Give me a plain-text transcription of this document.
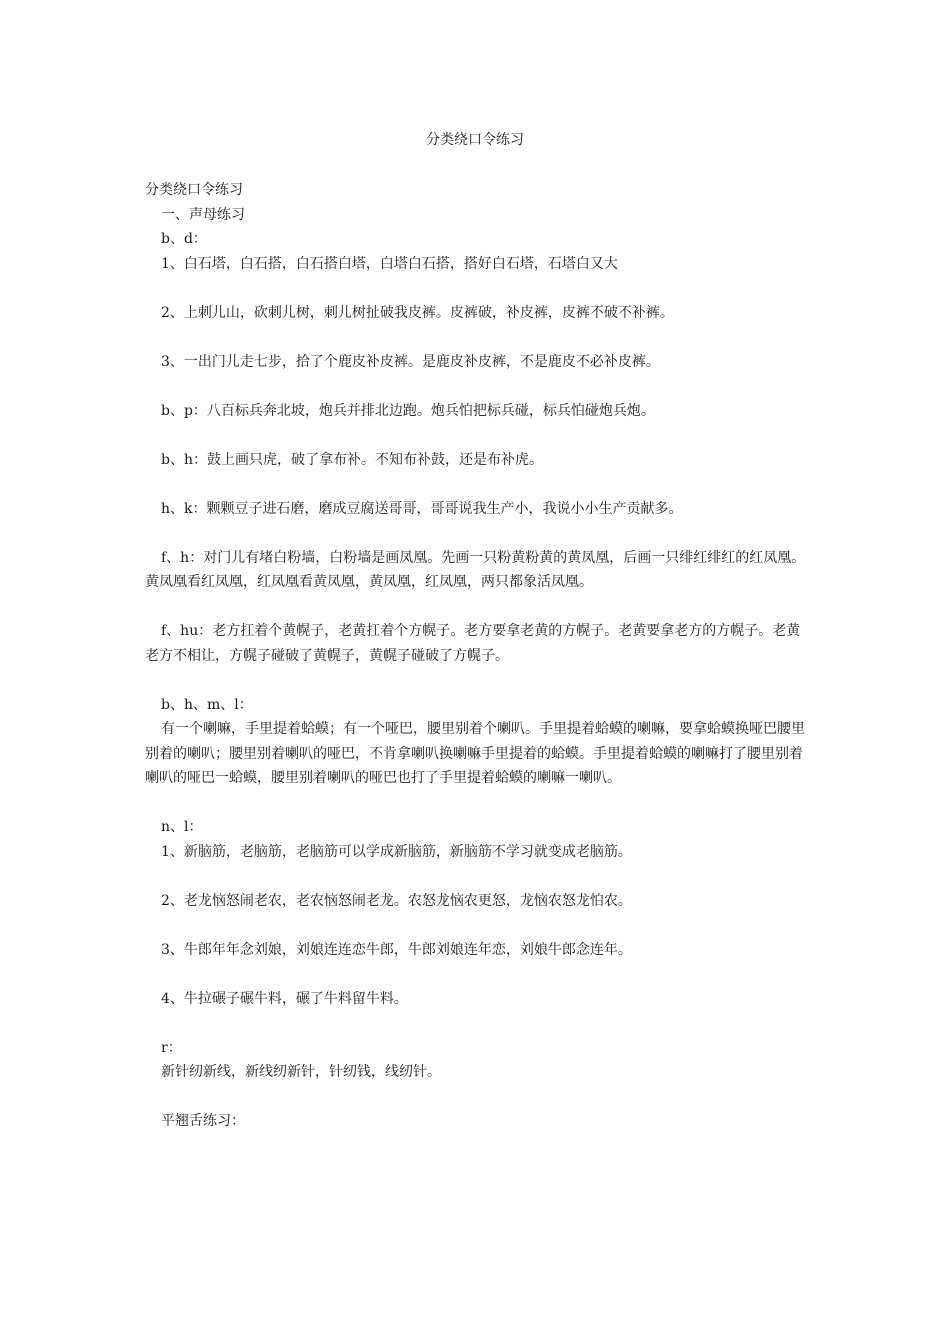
分类绕口令练习
分类绕口令练习
一、声母练习
b、d：
1、白石塔，白石搭，白石搭白塔，白塔白石搭，搭好白石塔，石塔白又大
2、上刺儿山，砍刺儿树，刺儿树扯破我皮裤。皮裤破，补皮裤，皮裤不破不补裤。
3、一出门儿走七步，拾了个鹿皮补皮裤。是鹿皮补皮裤，不是鹿皮不必补皮裤。
b、p：八百标兵奔北坡，炮兵并排北边跑。炮兵怕把标兵碰，标兵怕碰炮兵炮。
b、h：鼓上画只虎，破了拿布补。不知布补鼓，还是布补虎。
h、k：颗颗豆子进石磨，磨成豆腐送哥哥，哥哥说我生产小，我说小小生产贡献多。
f、h：对门儿有堵白粉墙，白粉墙是画凤凰。先画一只粉黄粉黄的黄凤凰，后画一只绯红绯红的红凤凰。黄凤凰看红凤凰，红凤凰看黄凤凰，黄凤凰，红凤凰，两只都象活凤凰。
f、hu：老方扛着个黄幌子，老黄扛着个方幌子。老方要拿老黄的方幌子。老黄要拿老方的方幌子。老黄老方不相让，方幌子碰破了黄幌子，黄幌子碰破了方幌子。
b、h、m、l：
有一个喇嘛，手里提着蛤蟆；有一个哑巴，腰里别着个喇叭。手里提着蛤蟆的喇嘛，要拿蛤蟆换哑巴腰里别着的喇叭；腰里别着喇叭的哑巴，不肯拿喇叭换喇嘛手里提着的蛤蟆。手里提着蛤蟆的喇嘛打了腰里别着喇叭的哑巴一蛤蟆，腰里别着喇叭的哑巴也打了手里提着蛤蟆的喇嘛一喇叭。
n、l：
1、新脑筋，老脑筋，老脑筋可以学成新脑筋，新脑筋不学习就变成老脑筋。
2、老龙恼怒闹老农，老农恼怒闹老龙。农怒龙恼农更怒，龙恼农怒龙怕农。
3、牛郎年年念刘娘，刘娘连连恋牛郎，牛郎刘娘连年恋，刘娘牛郎念连年。
4、牛拉碾子碾牛料，碾了牛料留牛料。
r：
新针纫新线，新线纫新针，针纫钱，线纫针。
平翘舌练习：
